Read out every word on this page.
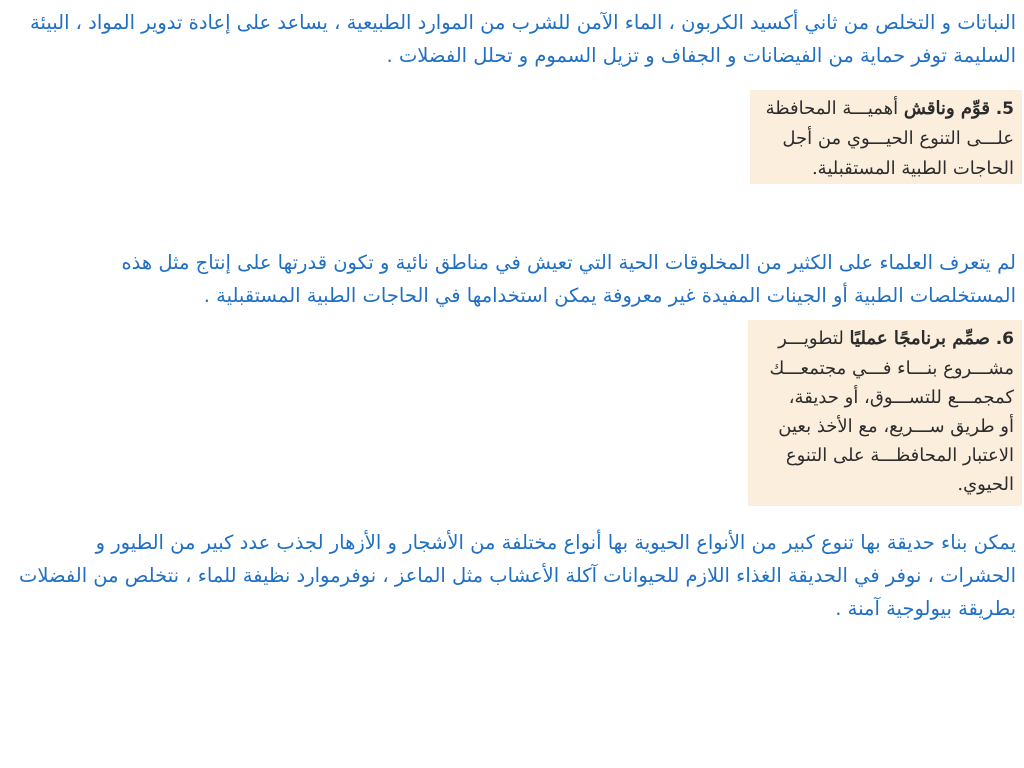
النباتات و التخلص من ثاني أكسيد الكربون ، الماء الآمن للشرب من الموارد الطبيعية ، يساعد على إعادة تدوير المواد ، البيئة السليمة توفر حماية من الفيضانات و الجفاف و تزيل السموم و تحلل الفضلات .

5. قوِّم وناقش أهميـــة المحافظة
علـــى التنوع الحيـــوي من أجل
الحاجات الطبية المستقبلية.

لم يتعرف العلماء على الكثير من المخلوقات الحية التي تعيش في مناطق نائية و تكون قدرتها على إنتاج مثل هذه المستخلصات الطبية أو الجينات المفيدة غير معروفة يمكن استخدامها في الحاجات الطبية المستقبلية .

6. صمِّم برنامجًا عمليًا لتطويـــر
مشـــروع بنـــاء فـــي مجتمعـــك
كمجمـــع للتســـوق، أو حديقة،
أو طريق ســـريع، مع الأخذ بعين
الاعتبار المحافظـــة على التنوع
الحيوي.

يمكن بناء حديقة بها تنوع كبير من الأنواع الحيوية بها أنواع مختلفة من الأشجار و الأزهار لجذب عدد كبير من الطيور و الحشرات ، نوفر في الحديقة الغذاء اللازم للحيوانات آكلة الأعشاب مثل الماعز ، نوفرموارد نظيفة للماء ، نتخلص من الفضلات بطريقة بيولوجية آمنة .
